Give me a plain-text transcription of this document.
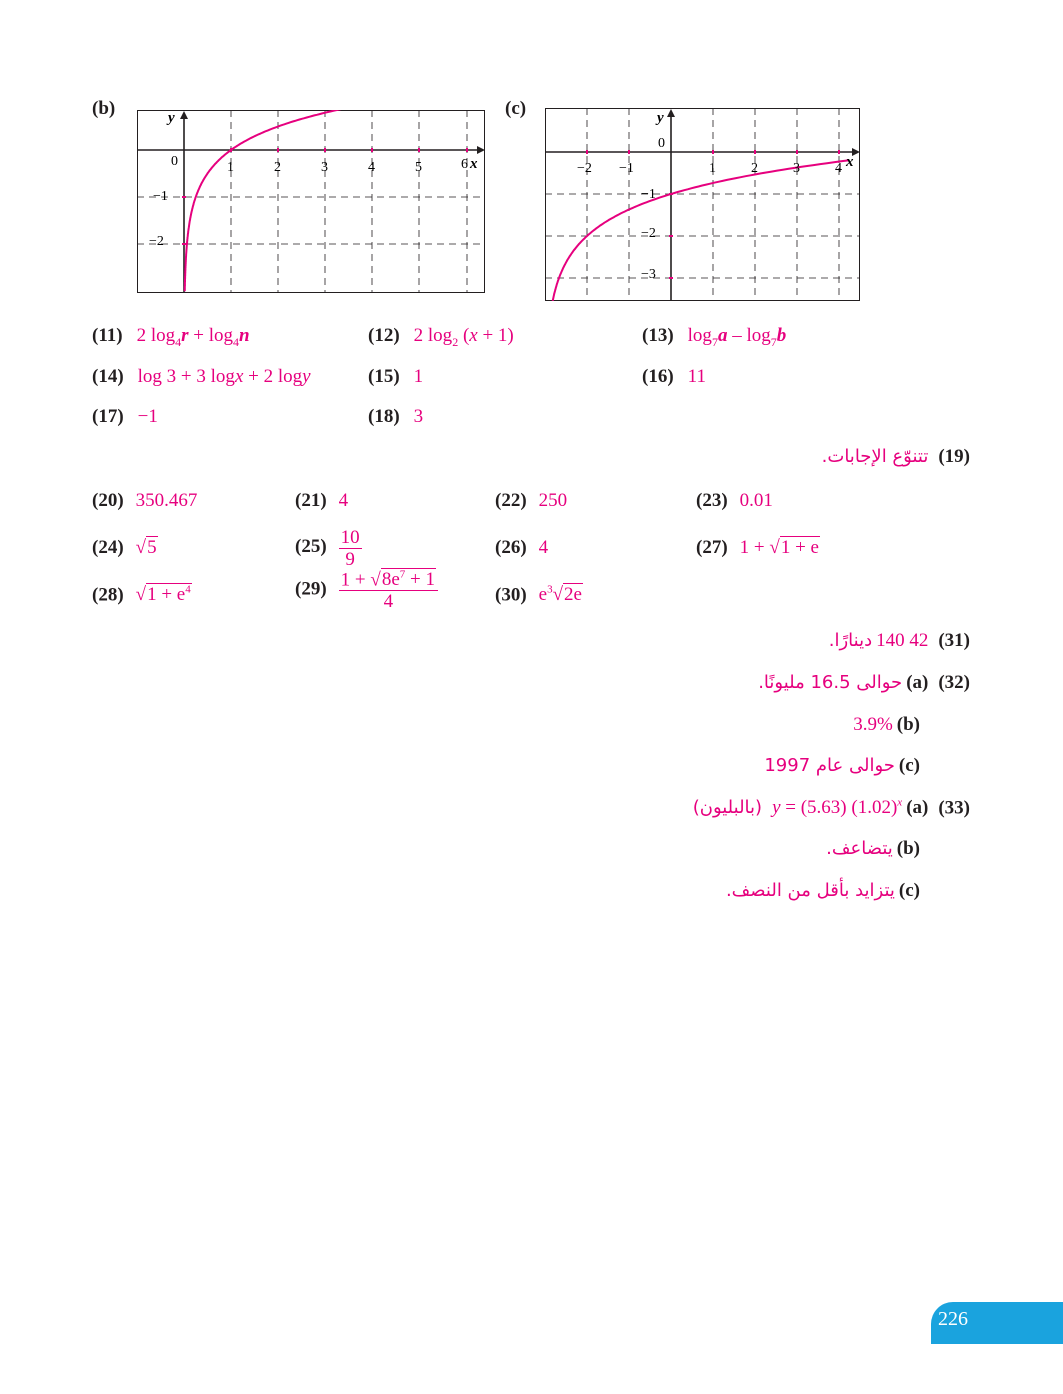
(b)	y
x
0	1	2	3	4	5	6
−1
−2
(c)	y
x
0
−2 −1	1	2	3	4
−1
−2
−3
(11) 2 $\log_4r + \log_4n$	(12) 2 $\log_2 (x + 1)$	(13) $\log_7a - \log_7b$
(14) log 3 + 3 logx + 2 logy	(15) 1	(16) 11
(17) −1	(18) 3
(19) تتنوّع الإجابات.
(20) 350.467	(21) 4	(22) 250	(23) 0.01
(24) √5	$(25) \frac{10}{9}$	(26) 4	(27) 1 + √1 + e
(28) $√1 + e^4$	$(29) \frac{1 + √8e^7 + 1}{4}$	(30) $e^3√2e$
(31) 140 42 دينارًا.
(32) (a) حوالى 16.5 مليونًا.
(b) 3.9%
(c) حوالى عام 1997
(33) (a) y = (5.63) $(1.02)^x$ (بالبليون)
(b) يتضاعف.
(c) يتزايد بأقل من النصف.
226
